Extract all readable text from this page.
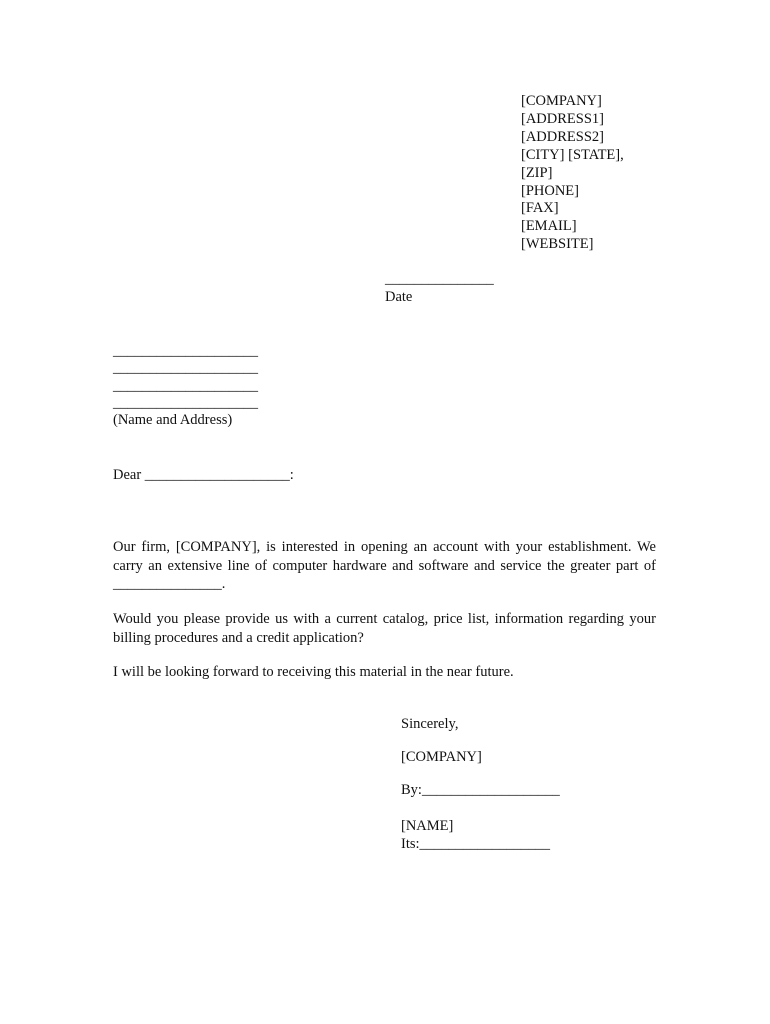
[COMPANY]
[ADDRESS1]
[ADDRESS2]
[CITY] [STATE],
[ZIP]
[PHONE]
[FAX]
[EMAIL]
[WEBSITE]
_______________
Date
____________________
____________________
____________________
____________________
(Name and Address)
Dear ____________________:

Our firm, [COMPANY], is interested in opening an account with your establishment. We carry an extensive line of computer hardware and software and service the greater part of _______________.

Would you please provide us with a current catalog, price list, information regarding your billing procedures and a credit application?

I will be looking forward to receiving this material in the near future.

Sincerely,
[COMPANY]
By:___________________
[NAME]
Its:__________________
